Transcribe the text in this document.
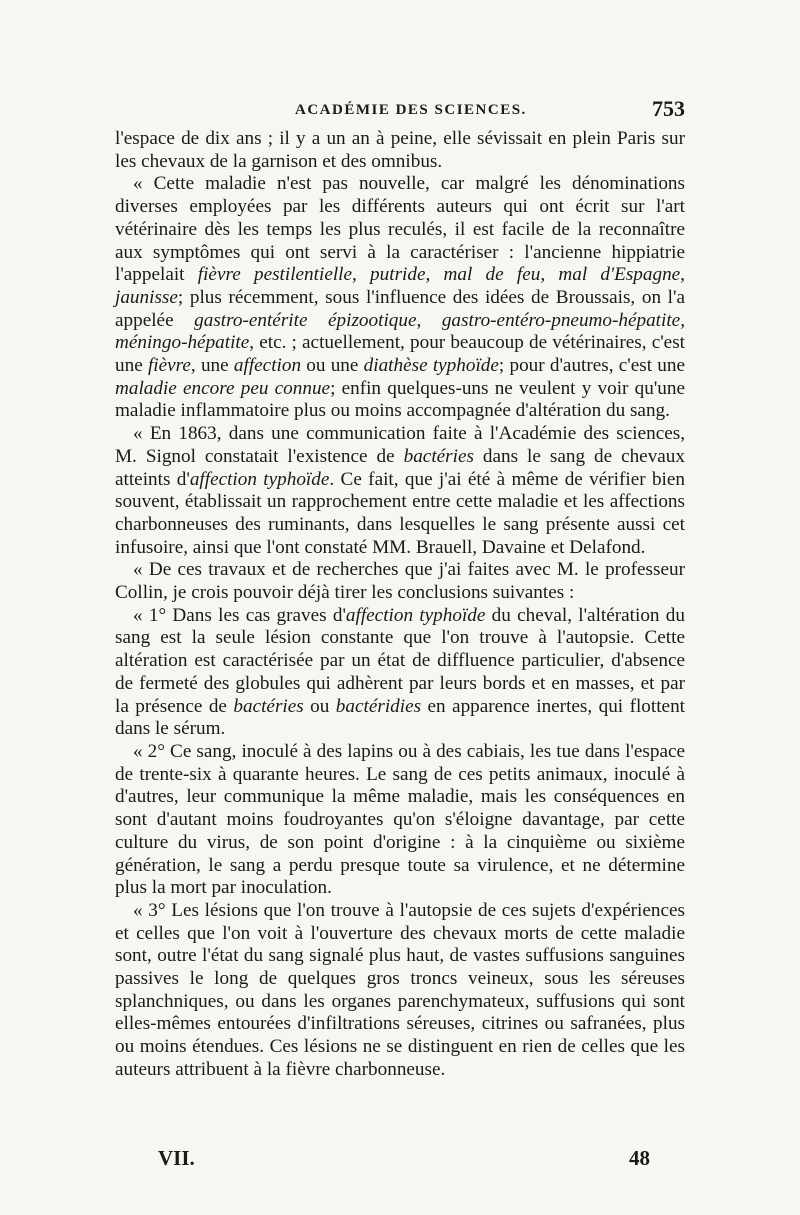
ACADÉMIE DES SCIENCES.	753

l'espace de dix ans ; il y a un an à peine, elle sévissait en plein Paris sur les chevaux de la garnison et des omnibus.

« Cette maladie n'est pas nouvelle, car malgré les dénominations diverses employées par les différents auteurs qui ont écrit sur l'art vétérinaire dès les temps les plus reculés, il est facile de la reconnaître aux symptômes qui ont servi à la caractériser : l'ancienne hippiatrie l'appelait fièvre pestilentielle, putride, mal de feu, mal d'Espagne, jaunisse; plus récemment, sous l'influence des idées de Broussais, on l'a appelée gastro-entérite épizootique, gastro-entéro-pneumo-hépatite, méningo-hépatite, etc. ; actuellement, pour beaucoup de vétérinaires, c'est une fièvre, une affection ou une diathèse typhoïde; pour d'autres, c'est une maladie encore peu connue; enfin quelques-uns ne veulent y voir qu'une maladie inflammatoire plus ou moins accompagnée d'altération du sang.

« En 1863, dans une communication faite à l'Académie des sciences, M. Signol constatait l'existence de bactéries dans le sang de chevaux atteints d'affection typhoïde. Ce fait, que j'ai été à même de vérifier bien souvent, établissait un rapprochement entre cette maladie et les affections charbonneuses des ruminants, dans lesquelles le sang présente aussi cet infusoire, ainsi que l'ont constaté MM. Brauell, Davaine et Delafond.

« De ces travaux et de recherches que j'ai faites avec M. le professeur Collin, je crois pouvoir déjà tirer les conclusions suivantes :

« 1° Dans les cas graves d'affection typhoïde du cheval, l'altération du sang est la seule lésion constante que l'on trouve à l'autopsie. Cette altération est caractérisée par un état de diffluence particulier, d'absence de fermeté des globules qui adhèrent par leurs bords et en masses, et par la présence de bactéries ou bactéridies en apparence inertes, qui flottent dans le sérum.

« 2° Ce sang, inoculé à des lapins ou à des cabiais, les tue dans l'espace de trente-six à quarante heures. Le sang de ces petits animaux, inoculé à d'autres, leur communique la même maladie, mais les conséquences en sont d'autant moins foudroyantes qu'on s'éloigne davantage, par cette culture du virus, de son point d'origine : à la cinquième ou sixième génération, le sang a perdu presque toute sa virulence, et ne détermine plus la mort par inoculation.

« 3° Les lésions que l'on trouve à l'autopsie de ces sujets d'expériences et celles que l'on voit à l'ouverture des chevaux morts de cette maladie sont, outre l'état du sang signalé plus haut, de vastes suffusions sanguines passives le long de quelques gros troncs veineux, sous les séreuses splanchniques, ou dans les organes parenchymateux, suffusions qui sont elles-mêmes entourées d'infiltrations séreuses, citrines ou safranées, plus ou moins étendues. Ces lésions ne se distinguent en rien de celles que les auteurs attribuent à la fièvre charbonneuse.

VII.	48
